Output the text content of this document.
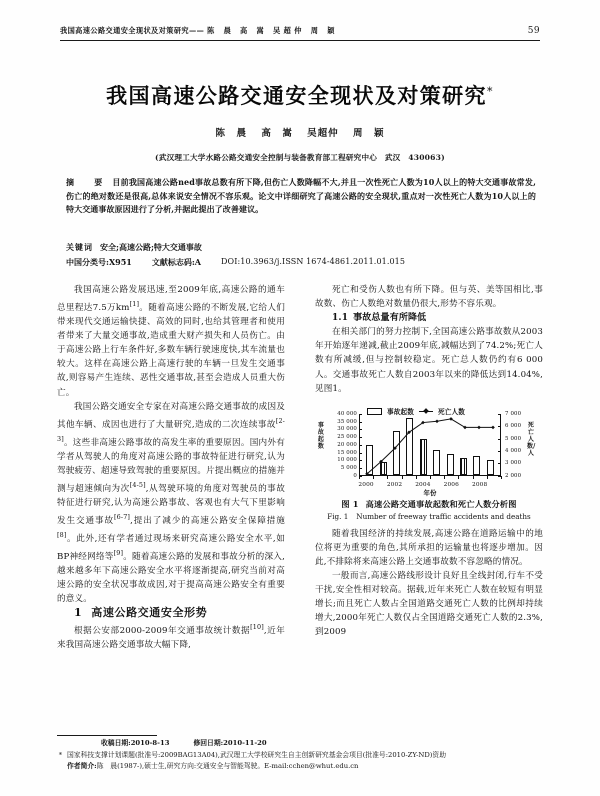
我国高速公路交通安全现状及对策研究—— 陈 晨 高 嵩 吴超仲 周 颖	59
我国高速公路交通安全现状及对策研究*
陈　晨 高　嵩 吴超仲 周　颖
(武汉理工大学水路公路交通安全控制与装备教育部工程研究中心　武汉　430063)
摘　要 目前我国高速公路ned事故总数有所下降,但伤亡人数降幅不大,并且一次性死亡人数为10人以上的特大交通事故常发,伤亡的绝对数还是很高,总体来说安全情况不容乐观。论文中详细研究了高速公路的安全现状,重点对一次性死亡人数为10人以上的特大交通事故原因进行了分析,并据此提出了改善建议。
关键词 安全;高速公路;特大交通事故
中国分类号:X951	文献标志码:A	DOI:10.3963/j.ISSN 1674-4861.2011.01.015

我国高速公路发展迅速,至2009年底,高速公路的通车总里程达7.5万km[1]。随着高速公路的不断发展,它给人们带来现代交通运输快捷、高效的同时,也给其管理者和使用者带来了大量交通事故,造成重大财产损失和人员伤亡。由于高速公路上行车条件好,多数车辆行驶速度快,其车流量也较大。这样在高速公路上高速行驶的车辆一旦发生交通事故,则容易产生连续、恶性交通事故,甚至会造成人员重大伤亡。

我国公路交通安全专家在对高速公路交通事故的成因及其他车辆、成因也进行了大量研究,造成的二次连续事故[2-3]。这些非高速公路事故的高发生率的重要原因。国内外有学者从驾驶人的角度对高速公路的事故特征进行研究,认为驾驶疲劳、超速导致驾驶的重要原因。片提出概应的措施并测与超速倾向为次[4-5],从驾驶环境的角度对驾驶员的事故特征进行研究,认为高速公路事故、客观也有大气下里影响发生交通事故[6-7],提出了减少的高速公路安全保障措施[8]。此外,还有学者通过现场来研究高速公路安全水平,如BP神经网络等[9]。随着高速公路的发展和事故分析的深入,越来越多年下高速公路安全水平将逐渐提高,研究当前对高速公路的安全状况事故成因,对于提高高速公路安全有重要的意义。

1 高速公路交通安全形势

根据公安部2000-2009年交通事故统计数据[10],近年来我国高速公路交通事故大幅下降,

死亡和受伤人数也有所下降。但与英、美等国相比,事故数、伤亡人数绝对数量仍很大,形势不容乐观。

1.1 事故总量有所降低

在相关部门的努力控制下,全国高速公路事故数从2003年开始逐年递减,截止2009年底,减幅达到了74.2%;死亡人数有所减缓,但与控制较稳定。死亡总人数仍约有6 000人。交通事故死亡人数自2003年以来的降低达到14.04%,见图1。

事故起数
死亡人数/人
事故起数	死亡人数
2000 2002 2004 2006 2008
年份
0
5 000
10 000
15 000
20 000
25 000
30 000
35 000
40 000
2 000
3 000
4 000
5 000
6 000
7 000
图 1 高速公路交通事故起数和死亡人数分析图
Fig. 1 Number of freeway traffic accidents and deaths

随着我国经济的持续发展,高速公路在道路运输中的地位将更为重要的角色,其所承担的运输量也将逐步增加。因此,不排除将来高速公路上交通事故数不容忽略的情况。

一般而言,高速公路线形设计良好且全线封闭,行车不受干扰,安全性相对较高。据载,近年来死亡人数在较短有明显增长;而且死亡人数占全国道路交通死亡人数的比例却持续增大,2000年死亡人数仅占全国道路交通死亡人数的2.3%,到2009

收稿日期:2010-8-13	修回日期:2010-11-20
* 国家科技支撑计划课题(批准号:2009BAG13A04),武汉理工大学校研究生自主创新研究基金会项目(批准号:2010-ZY-ND)资助
作者简介:陈　晨(1987-),硕士生,研究方向:交通安全与智能驾驶。E-mail:cchen@whut.edu.cn
